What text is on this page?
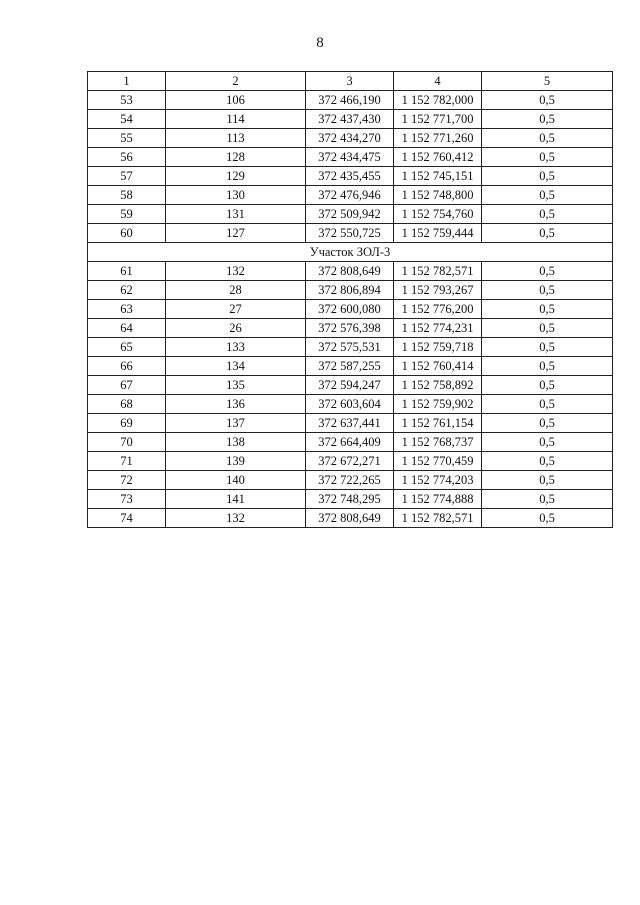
8
1	2	3	4	5
53	106	372 466,190	1 152 782,000	0,5
54	114	372 437,430	1 152 771,700	0,5
55	113	372 434,270	1 152 771,260	0,5
56	128	372 434,475	1 152 760,412	0,5
57	129	372 435,455	1 152 745,151	0,5
58	130	372 476,946	1 152 748,800	0,5
59	131	372 509,942	1 152 754,760	0,5
60	127	372 550,725	1 152 759,444	0,5
Участок ЗОЛ-3				
61	132	372 808,649	1 152 782,571	0,5
62	28	372 806,894	1 152 793,267	0,5
63	27	372 600,080	1 152 776,200	0,5
64	26	372 576,398	1 152 774,231	0,5
65	133	372 575,531	1 152 759,718	0,5
66	134	372 587,255	1 152 760,414	0,5
67	135	372 594,247	1 152 758,892	0,5
68	136	372 603,604	1 152 759,902	0,5
69	137	372 637,441	1 152 761,154	0,5
70	138	372 664,409	1 152 768,737	0,5
71	139	372 672,271	1 152 770,459	0,5
72	140	372 722,265	1 152 774,203	0,5
73	141	372 748,295	1 152 774,888	0,5
74	132	372 808,649	1 152 782,571	0,5
